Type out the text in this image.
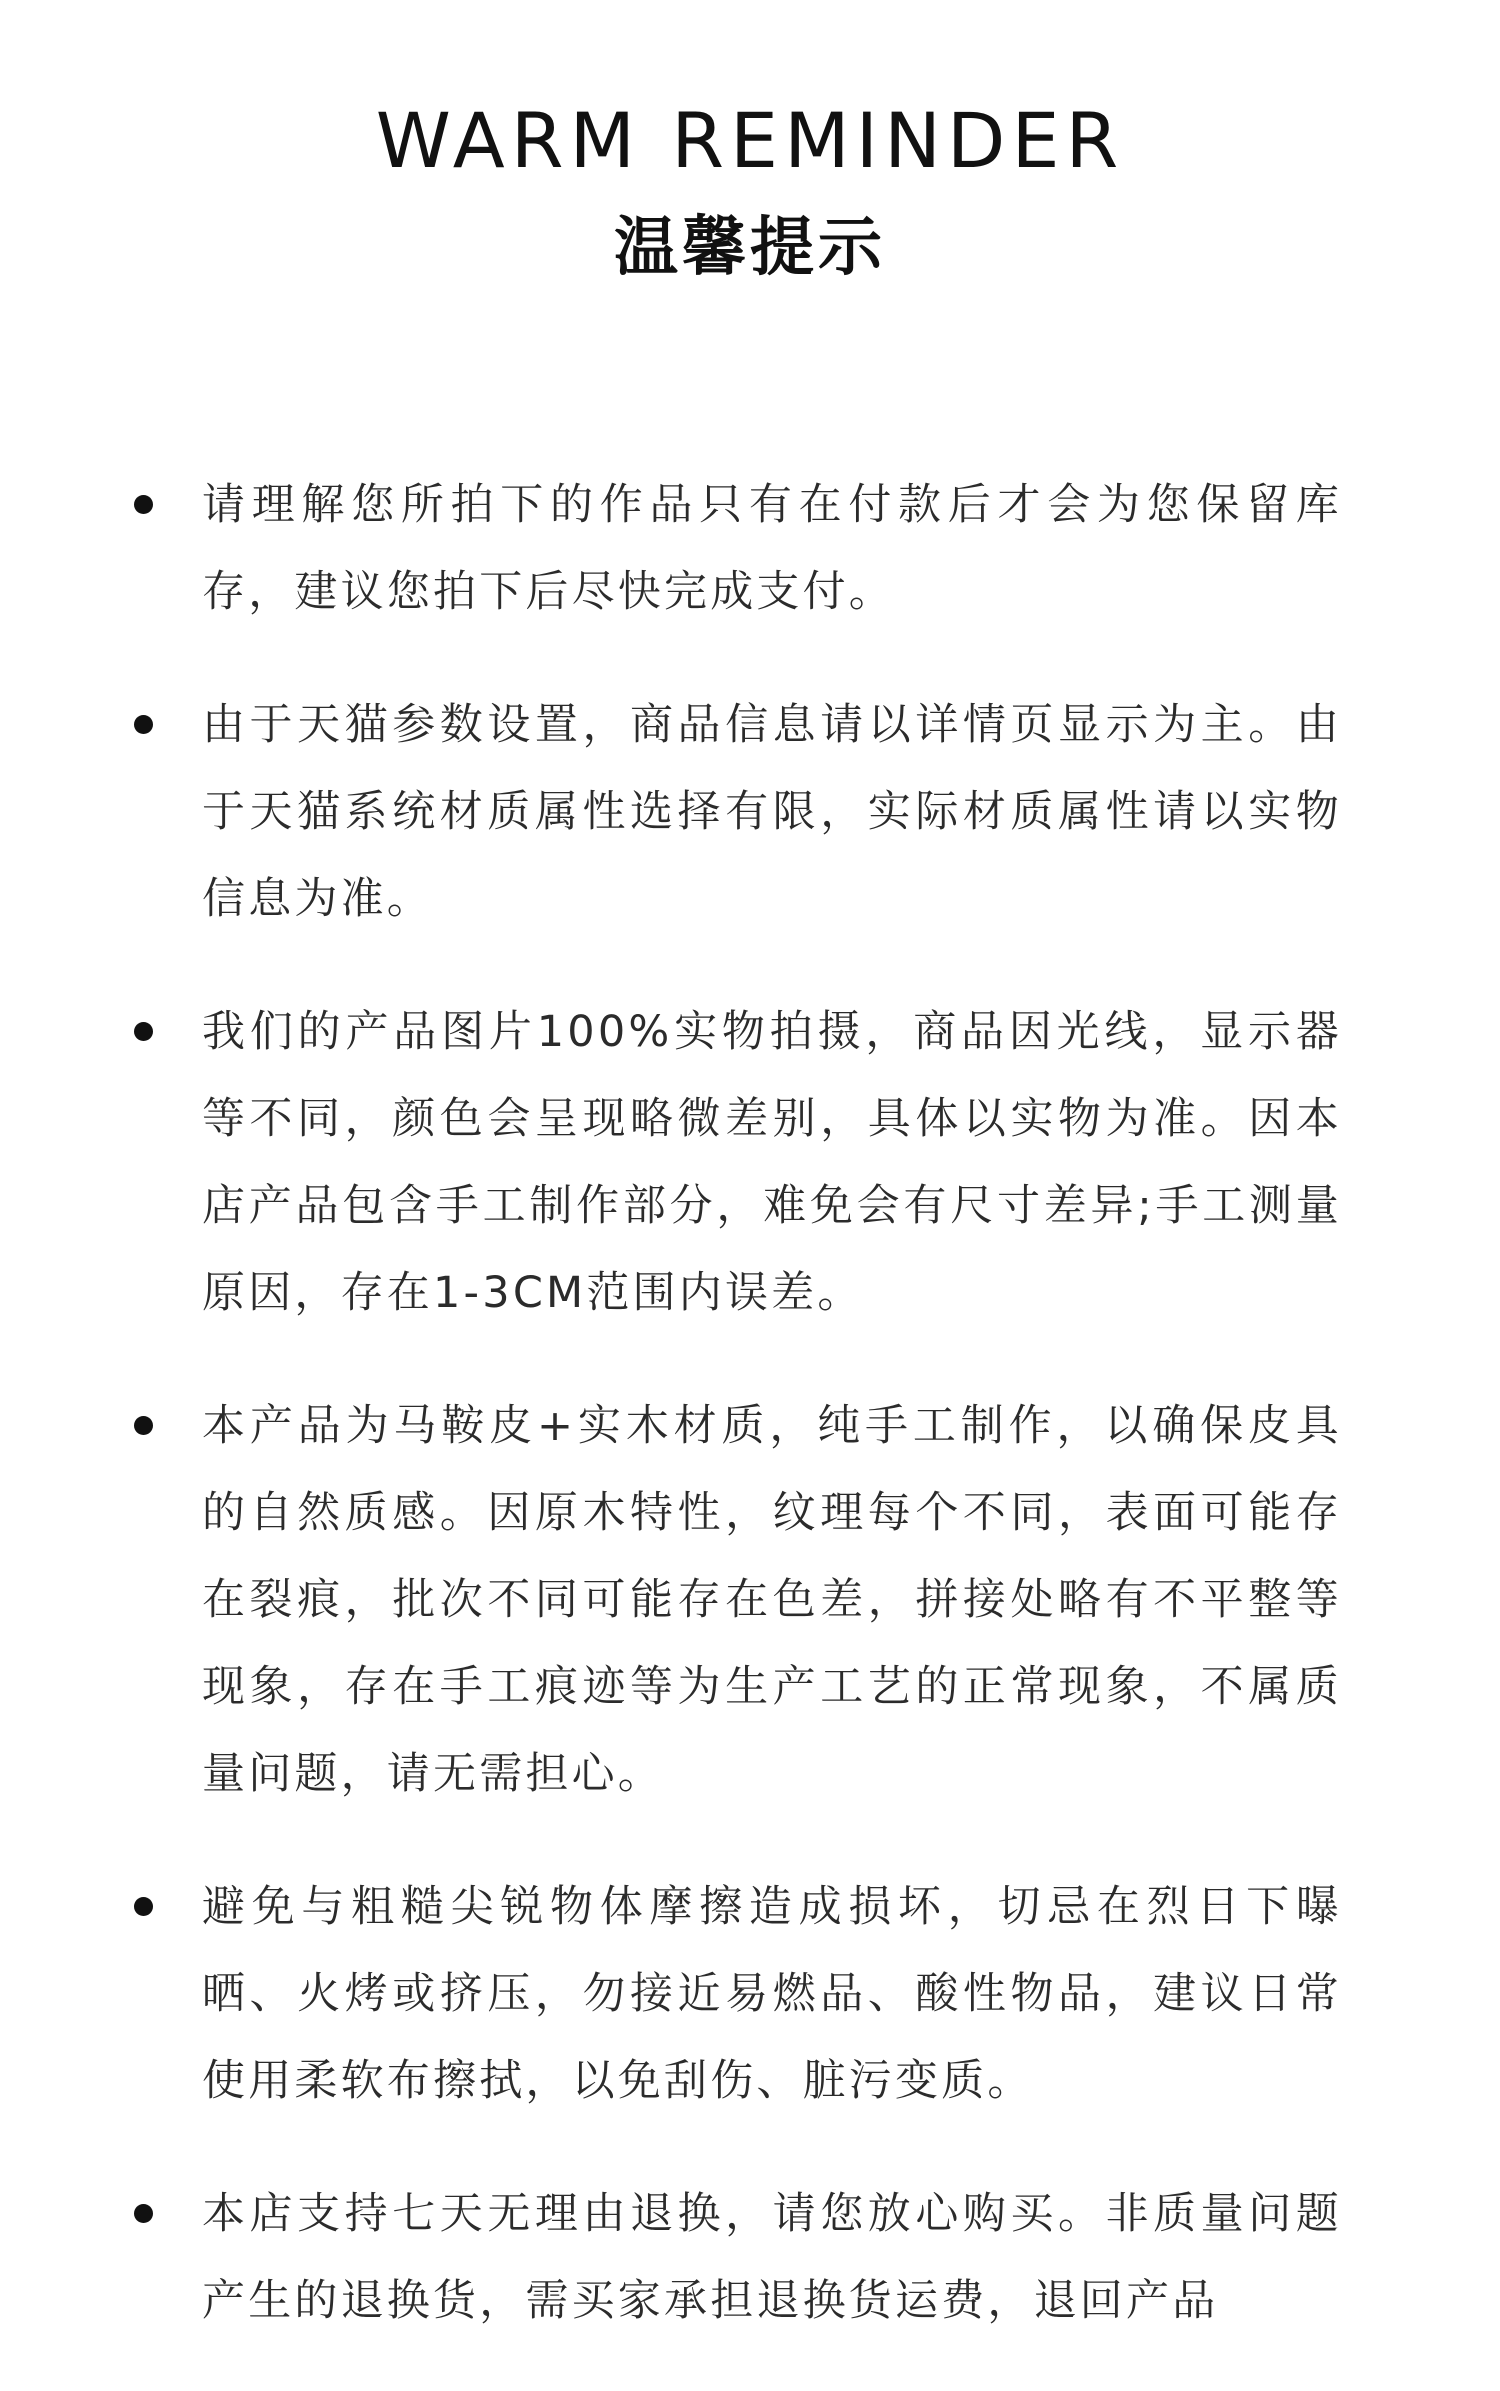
WARM REMINDER
温馨提示
请理解您所拍下的作品只有在付款后才会为您保留库存，建议您拍下后尽快完成支付。
由于天猫参数设置，商品信息请以详情页显示为主。由于天猫系统材质属性选择有限，实际材质属性请以实物信息为准。
我们的产品图片100%实物拍摄，商品因光线，显示器等不同，颜色会呈现略微差别，具体以实物为准。因本店产品包含手工制作部分，难免会有尺寸差异;手工测量原因，存在1-3CM范围内误差。
本产品为马鞍皮+实木材质，纯手工制作，以确保皮具的自然质感。因原木特性，纹理每个不同，表面可能存在裂痕，批次不同可能存在色差，拼接处略有不平整等现象，存在手工痕迹等为生产工艺的正常现象，不属质量问题，请无需担心。
避免与粗糙尖锐物体摩擦造成损坏，切忌在烈日下曝晒、火烤或挤压，勿接近易燃品、酸性物品，建议日常使用柔软布擦拭，以免刮伤、脏污变质。
本店支持七天无理由退换，请您放心购买。非质量问题产生的退换货，需买家承担退换货运费，退回产品
